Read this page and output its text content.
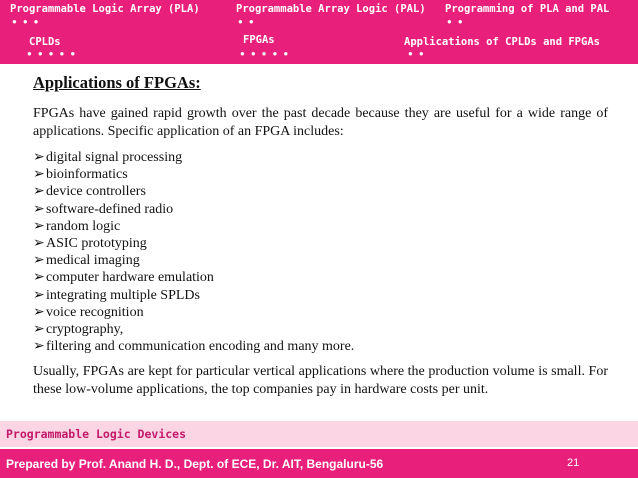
Programmable Logic Array (PLA)
● ● ●
Programmable Array Logic (PAL)
● ●
Programming of PLA and PAL
● ●
CPLDs
● ● ● ● ●
FPGAs
● ● ● ● ●
Applications of CPLDs and FPGAs
● ●
Applications of FPGAs:

FPGAs have gained rapid growth over the past decade because they are useful for a wide range of applications. Specific application of an FPGA includes:

➢digital signal processing
➢bioinformatics
➢device controllers
➢software-defined radio
➢random logic
➢ASIC prototyping
➢medical imaging
➢computer hardware emulation
➢integrating multiple SPLDs
➢voice recognition
➢cryptography,
➢filtering and communication encoding and many more.

Usually, FPGAs are kept for particular vertical applications where the production volume is small. For these low-volume applications, the top companies pay in hardware costs per unit.

Programmable Logic Devices
Prepared by Prof. Anand H. D., Dept. of ECE, Dr. AIT, Bengaluru-56	21
